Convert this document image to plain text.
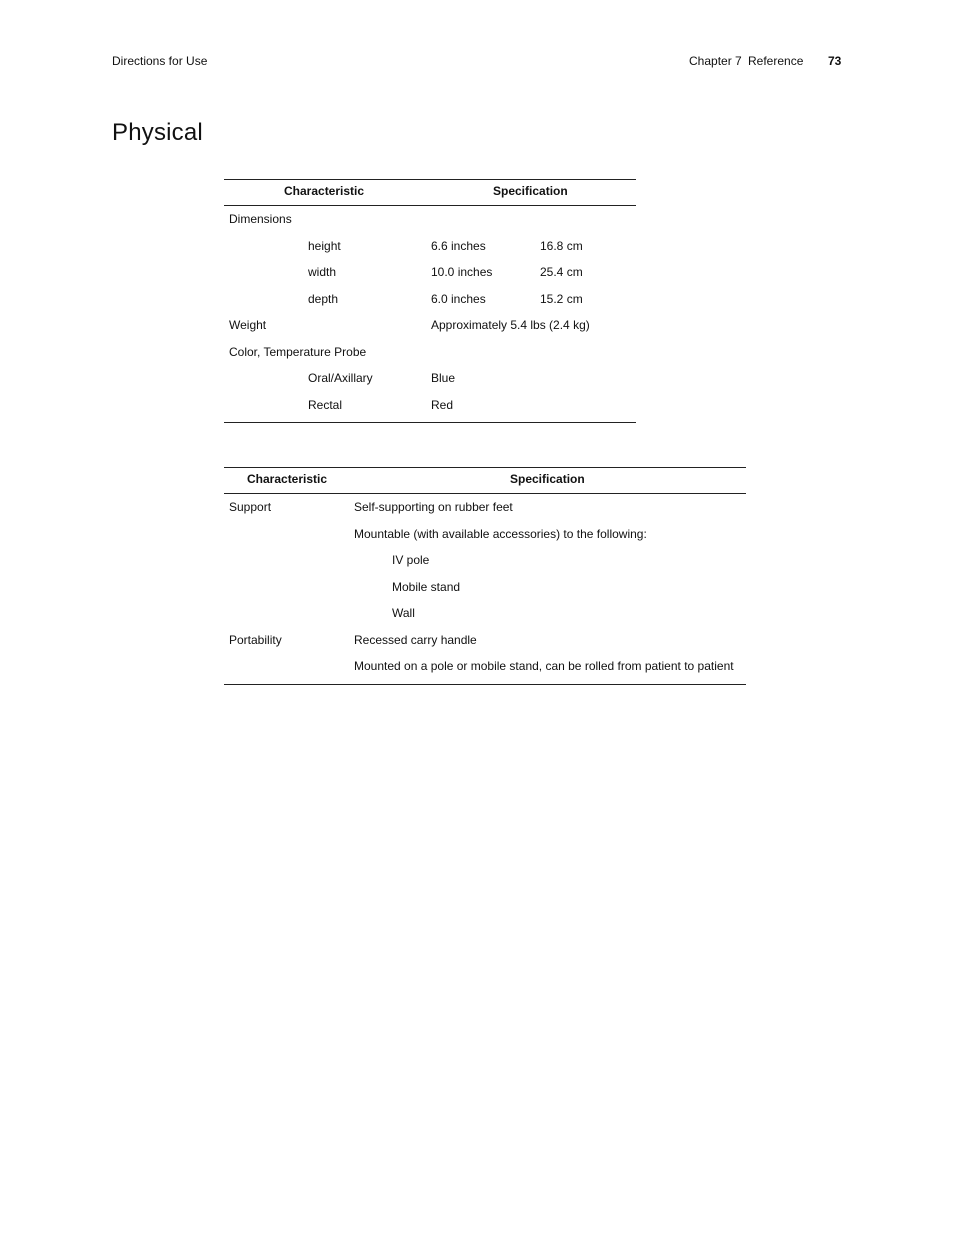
Directions for Use	Chapter 7 Reference 73
Physical
Characteristic	Specification
Dimensions
height	6.6 inches	16.8 cm
width	10.0 inches	25.4 cm
depth	6.0 inches	15.2 cm
Weight	Approximately 5.4 lbs (2.4 kg)
Color, Temperature Probe
Oral/Axillary	Blue
Rectal	Red
Characteristic	Specification
Support	Self-supporting on rubber feet
Mountable (with available accessories) to the following:
IV pole
Mobile stand
Wall
Portability	Recessed carry handle
Mounted on a pole or mobile stand, can be rolled from patient to patient
